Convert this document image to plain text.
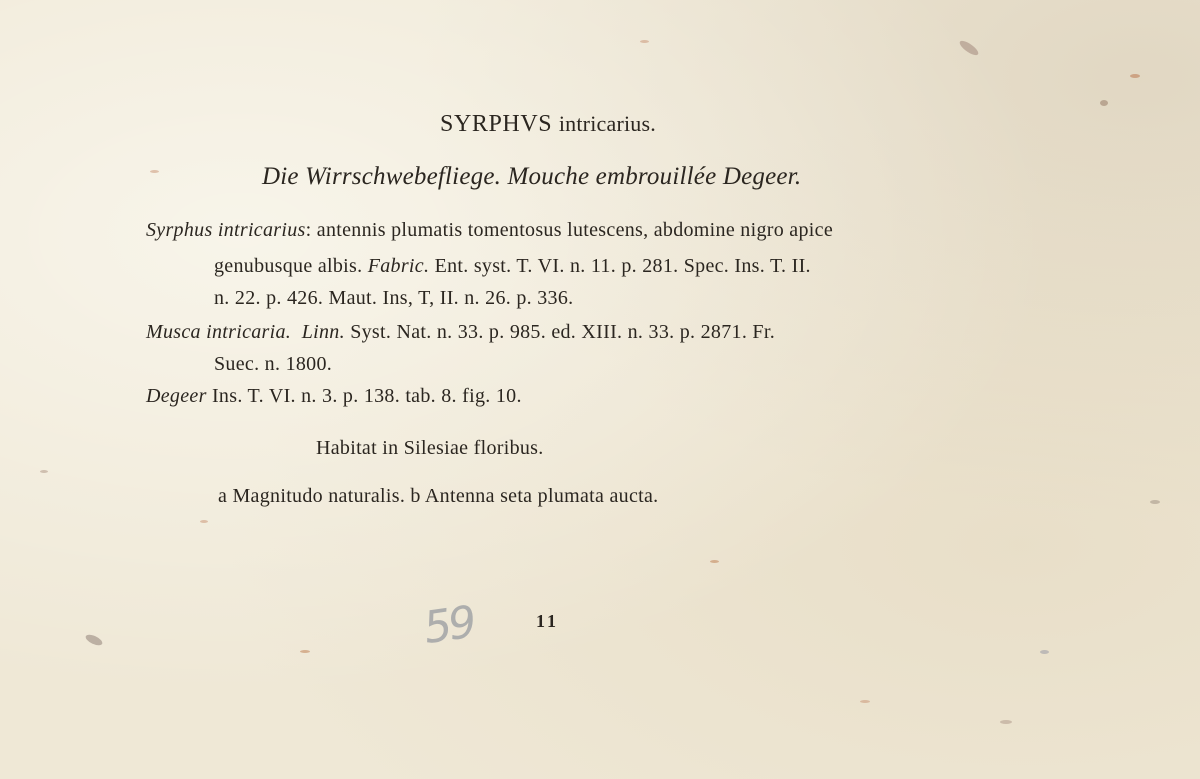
SYRPHVS intricarius.
Die Wirrschwebefliege. Mouche embrouillée Degeer.
Syrphus intricarius: antennis plumatis tomentosus lutescens, abdomine nigro apice
genubusque albis. Fabric. Ent. syst. T. VI. n. 11. p. 281. Spec. Ins. T. II.
n. 22. p. 426. Maut. Ins, T, II. n. 26. p. 336.
Musca intricaria. Linn. Syst. Nat. n. 33. p. 985. ed. XIII. n. 33. p. 2871. Fr.
Suec. n. 1800.
Degeer Ins. T. VI. n. 3. p. 138. tab. 8. fig. 10.
Habitat in Silesiae floribus.
a Magnitudo naturalis. b Antenna seta plumata aucta.
59	11
